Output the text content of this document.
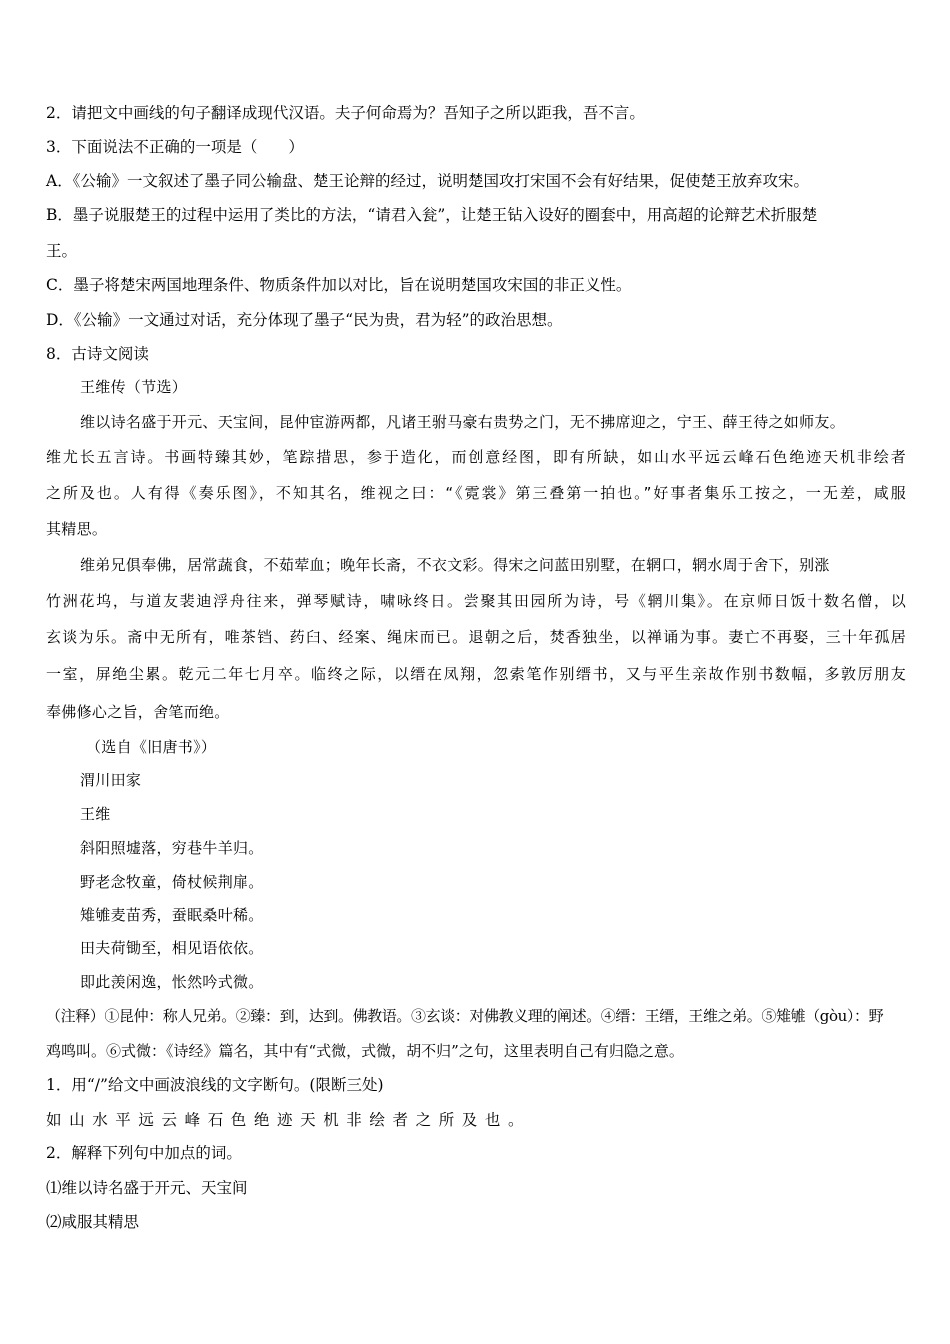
2．请把文中画线的句子翻译成现代汉语。夫子何命焉为？吾知子之所以距我，吾不言。
3．下面说法不正确的一项是（　　）
A．《公输》一文叙述了墨子同公输盘、楚王论辩的经过，说明楚国攻打宋国不会有好结果，促使楚王放弃攻宋。
B．墨子说服楚王的过程中运用了类比的方法，“请君入瓮”，让楚王钻入设好的圈套中，用高超的论辩艺术折服楚
王。
C．墨子将楚宋两国地理条件、物质条件加以对比，旨在说明楚国攻宋国的非正义性。
D．《公输》一文通过对话，充分体现了墨子“民为贵，君为轻”的政治思想。
8．古诗文阅读
王维传（节选）
维以诗名盛于开元、天宝间，昆仲宦游两都，凡诸王驸马豪右贵势之门，无不拂席迎之，宁王、薛王待之如师友。
维尤长五言诗。书画特臻其妙，笔踪措思，参于造化，而创意经图，即有所缺，如山水平远云峰石色绝迹天机非绘者
之所及也。人有得《奏乐图》，不知其名，维视之曰：“《霓裳》第三叠第一拍也。”好事者集乐工按之，一无差，咸服
其精思。
维弟兄俱奉佛，居常蔬食，不茹荤血；晚年长斋，不衣文彩。得宋之问蓝田别墅，在辋口，辋水周于舍下，别涨
竹洲花坞，与道友裴迪浮舟往来，弹琴赋诗，啸咏终日。尝聚其田园所为诗，号《辋川集》。在京师日饭十数名僧，以
玄谈为乐。斋中无所有，唯茶铛、药臼、经案、绳床而已。退朝之后，焚香独坐，以禅诵为事。妻亡不再娶，三十年孤居
一室，屏绝尘累。乾元二年七月卒。临终之际，以缙在凤翔，忽索笔作别缙书，又与平生亲故作别书数幅，多敦厉朋友
奉佛修心之旨，舍笔而绝。
（选自《旧唐书》）
渭川田家
王维
斜阳照墟落，穷巷牛羊归。
野老念牧童，倚杖候荆扉。
雉雊麦苗秀，蚕眠桑叶稀。
田夫荷锄至，相见语依依。
即此羡闲逸，怅然吟式微。
（注释）①昆仲：称人兄弟。②臻：到，达到。佛教语。③玄谈：对佛教义理的阐述。④缙：王缙，王维之弟。⑤雉雊（gòu）：野
鸡鸣叫。⑥式微：《诗经》篇名，其中有“式微，式微，胡不归”之句，这里表明自己有归隐之意。
1．用“/”给文中画波浪线的文字断句。(限断三处)
如山水平远云峰石色绝迹天机非绘者之所及也。
2．解释下列句中加点的词。
⑴维以诗名盛于开元、天宝间
⑵咸服其精思
